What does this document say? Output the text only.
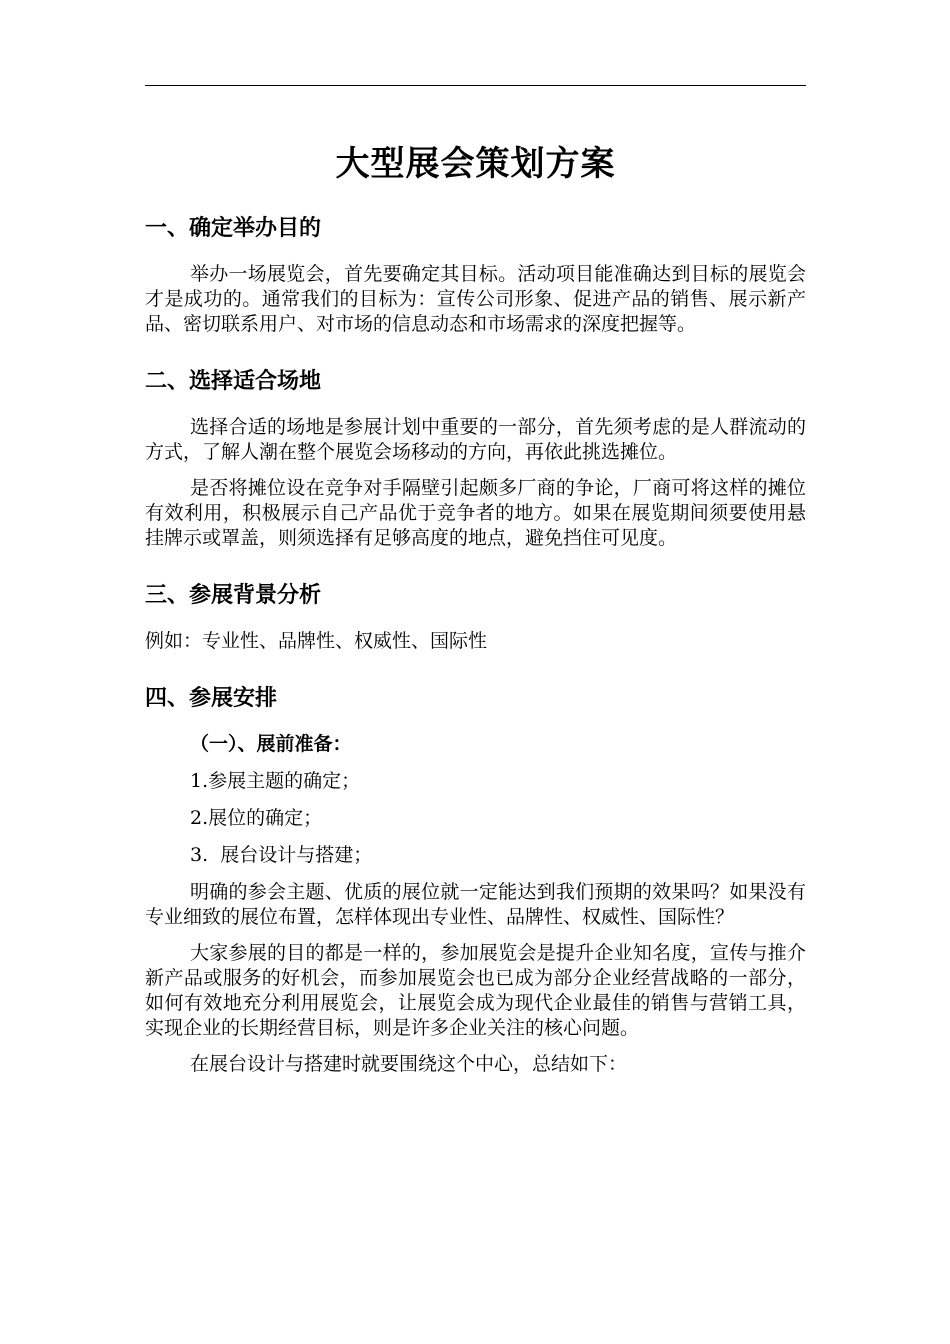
大型展会策划方案
一、确定举办目的
举办一场展览会，首先要确定其目标。活动项目能准确达到目标的展览会才是成功的。通常我们的目标为：宣传公司形象、促进产品的销售、展示新产品、密切联系用户、对市场的信息动态和市场需求的深度把握等。
二、选择适合场地
选择合适的场地是参展计划中重要的一部分，首先须考虑的是人群流动的方式，了解人潮在整个展览会场移动的方向，再依此挑选摊位。
是否将摊位设在竞争对手隔壁引起颇多厂商的争论，厂商可将这样的摊位有效利用，积极展示自己产品优于竞争者的地方。如果在展览期间须要使用悬挂牌示或罩盖，则须选择有足够高度的地点，避免挡住可见度。
三、参展背景分析
例如：专业性、品牌性、权威性、国际性
四、参展安排
（一）、展前准备：
1.参展主题的确定；
2.展位的确定；
3.  展台设计与搭建；
明确的参会主题、优质的展位就一定能达到我们预期的效果吗？如果没有专业细致的展位布置，怎样体现出专业性、品牌性、权威性、国际性？
大家参展的目的都是一样的，参加展览会是提升企业知名度，宣传与推介新产品或服务的好机会，而参加展览会也已成为部分企业经营战略的一部分，如何有效地充分利用展览会，让展览会成为现代企业最佳的销售与营销工具，实现企业的长期经营目标，则是许多企业关注的核心问题。
在展台设计与搭建时就要围绕这个中心，总结如下：
